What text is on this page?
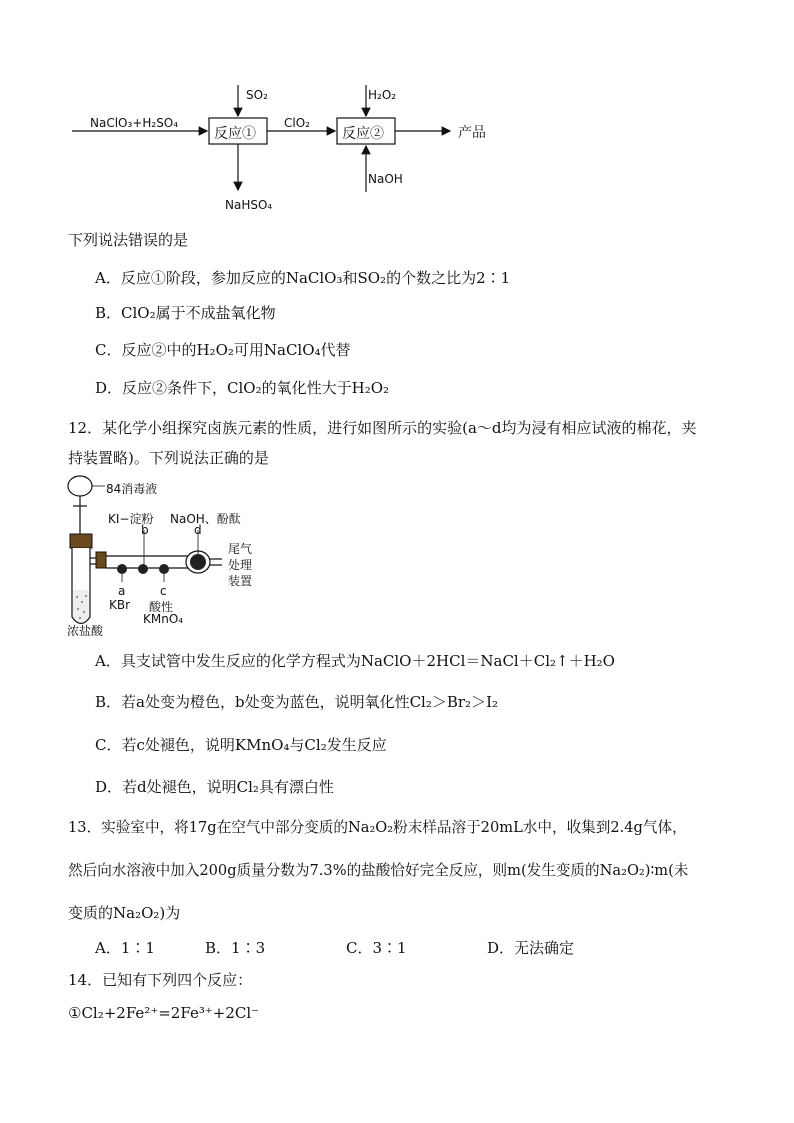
NaClO₃+H₂SO₄
反应①
SO₂
NaHSO₄
ClO₂
反应②
H₂O₂
NaOH
产品
下列说法错误的是
A．反应①阶段，参加反应的NaClO₃和SO₂的个数之比为2∶1
B．ClO₂属于不成盐氧化物
C．反应②中的H₂O₂可用NaClO₄代替
D．反应②条件下，ClO₂的氧化性大于H₂O₂
12．某化学小组探究卤族元素的性质，进行如图所示的实验(a～d均为浸有相应试液的棉花，夹
持装置略)。下列说法正确的是
84消毒液
KI−淀粉
b
NaOH、酚酞
d
尾气
处理
装置
a
KBr
c
酸性
KMnO₄
浓盐酸
A．具支试管中发生反应的化学方程式为NaClO＋2HCl＝NaCl＋Cl₂↑＋H₂O
B．若a处变为橙色，b处变为蓝色，说明氧化性Cl₂＞Br₂＞I₂
C．若c处褪色，说明KMnO₄与Cl₂发生反应
D．若d处褪色，说明Cl₂具有漂白性
13．实验室中，将17g在空气中部分变质的Na₂O₂粉末样品溶于20mL水中，收集到2.4g气体，
然后向水溶液中加入200g质量分数为7.3%的盐酸恰好完全反应，则m(发生变质的Na₂O₂)∶m(未
变质的Na₂O₂)为
A．1∶1	B．1∶3	C．3∶1	D．无法确定
14．已知有下列四个反应：
①Cl₂+2Fe²⁺=2Fe³⁺+2Cl⁻
